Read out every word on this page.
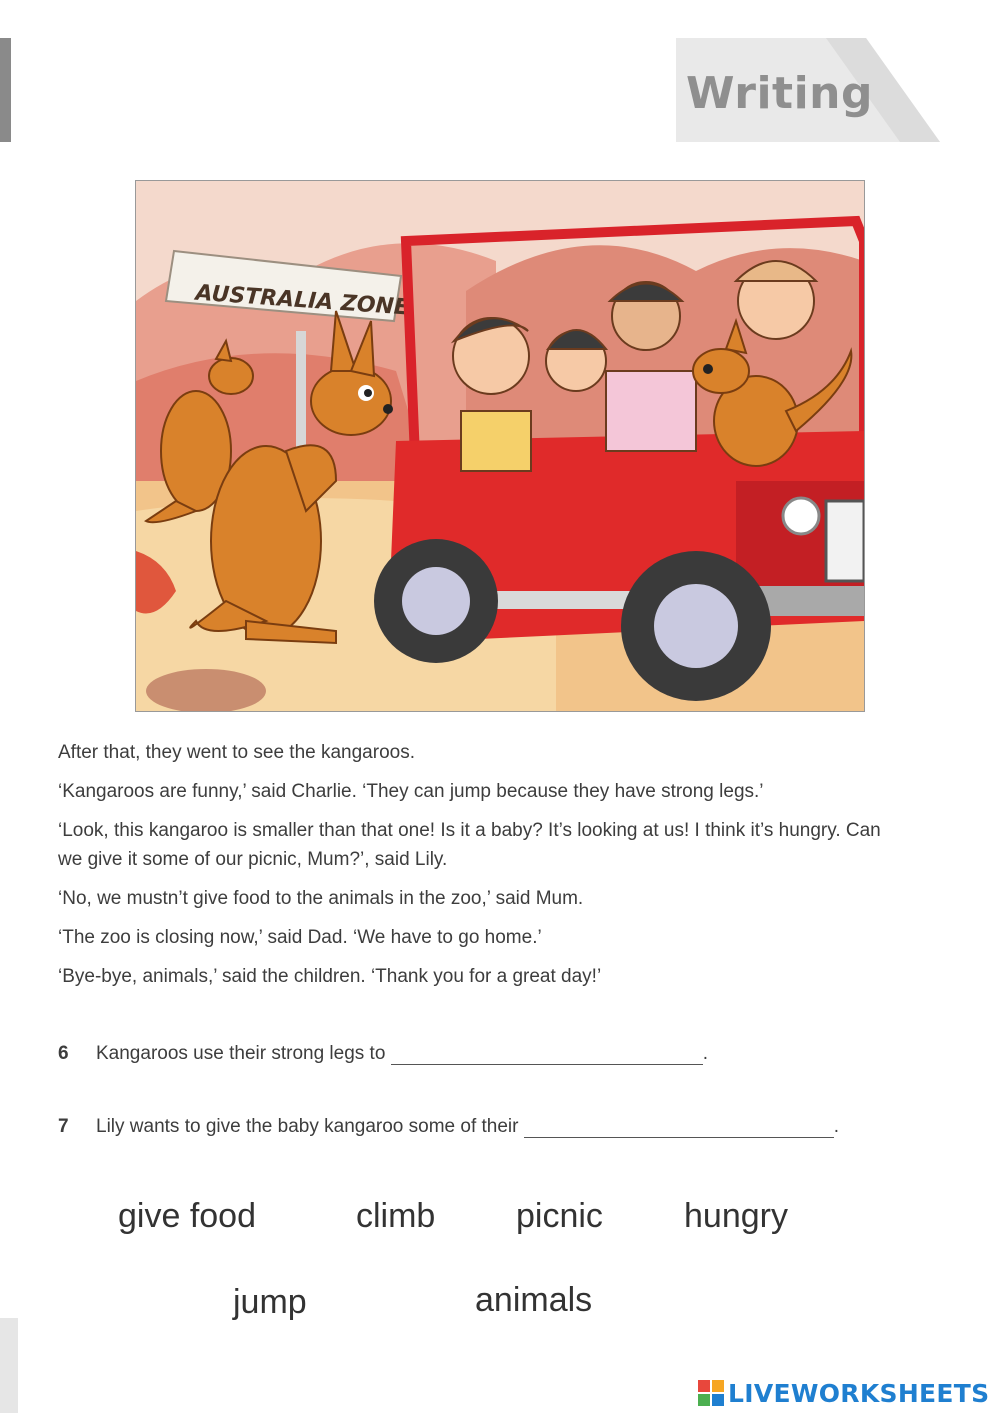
Writing
AUSTRALIA ZONE

After that, they went to see the kangaroos.

‘Kangaroos are funny,’ said Charlie. ‘They can jump because they have strong legs.’

‘Look, this kangaroo is smaller than that one! Is it a baby? It’s looking at us! I think it’s hungry. Can we give it some of our picnic, Mum?’, said Lily.

‘No, we mustn’t give food to the animals in the zoo,’ said Mum.

‘The zoo is closing now,’ said Dad. ‘We have to go home.’

‘Bye-bye, animals,’ said the children. ‘Thank you for a great day!’

6 Kangaroos use their strong legs to	.
7 Lily wants to give the baby kangaroo some of their	.
give food	climb picnic hungry
jump	animals
LIVEWORKSHEETS
